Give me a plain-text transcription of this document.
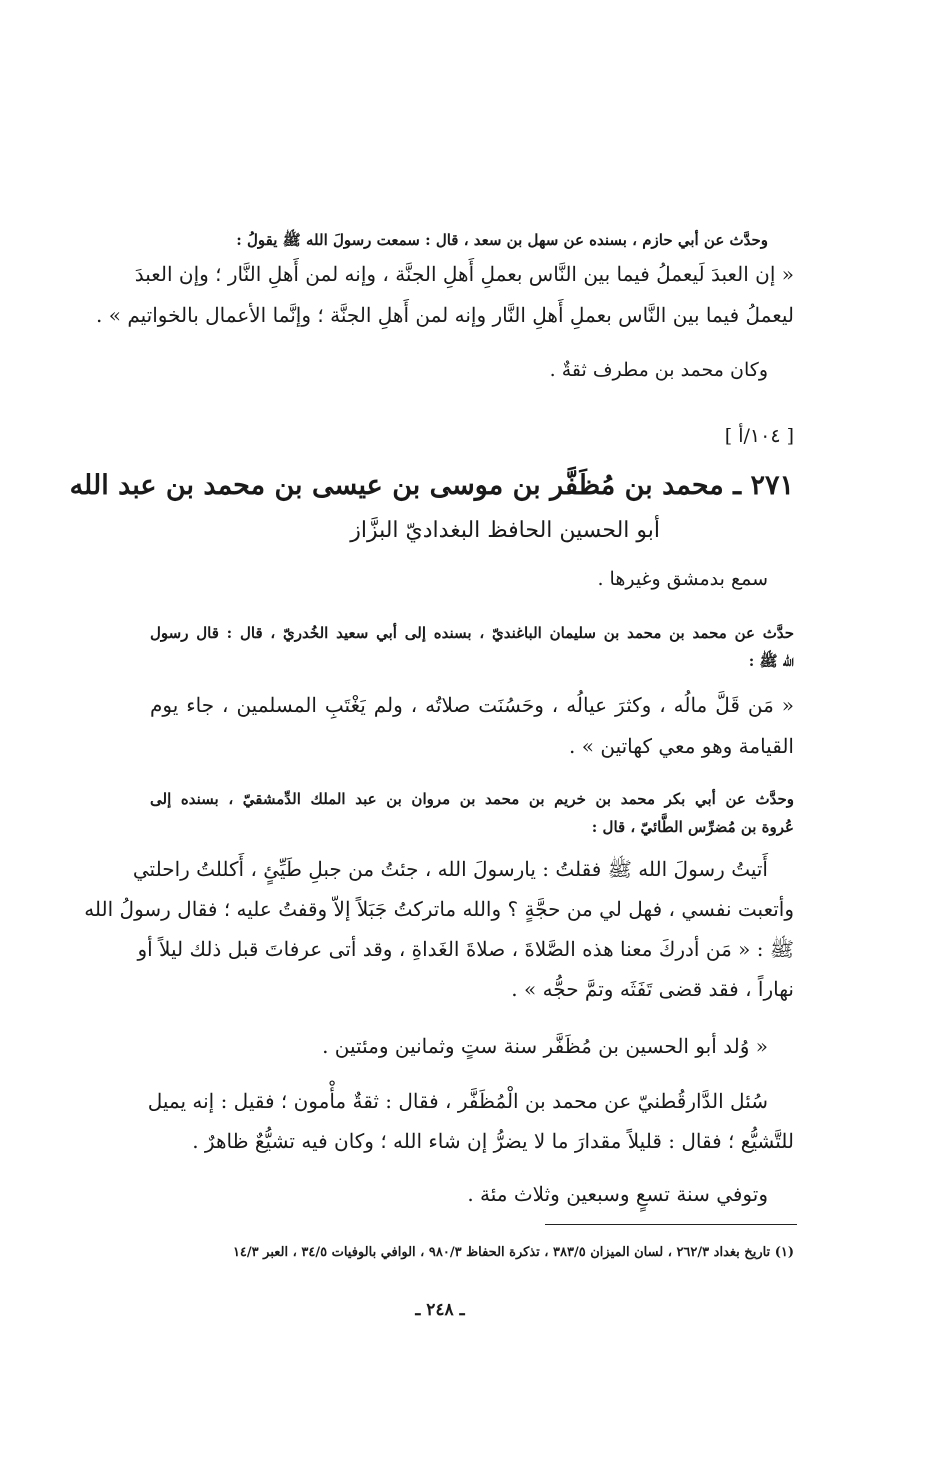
وحدَّث عن أبي حازم ، بسنده عن سهل بن سعد ، قال : سمعت رسولَ الله ﷺ يقولُ :
« إن العبدَ لَيعملُ فيما بين النَّاس بعملِ أَهلِ الجنَّة ، وإنه لمن أَهلِ النَّار ؛ وإن العبدَ
ليعملُ فيما بين النَّاس بعملِ أَهلِ النَّار وإنه لمن أَهلِ الجنَّة ؛ وإنَّما الأعمال بالخواتيم » .
وكان محمد بن مطرف ثقةٌ .
[ ١٠٤/أ ]
٢٧١ ـ محمد بن مُظَفَّر بن موسى بن عيسى بن محمد بن عبد الله
أبو الحسين الحافظ البغداديّ البزَّاز
سمع بدمشق وغيرها .
حدَّث عن محمد بن محمد بن سليمان الباغنديّ ، بسنده إلى أبي سعيد الخُدريّ ، قال : قال رسول
الله ﷺ :
« مَن قَلَّ مالُه ، وكثرَ عيالُه ، وحَسُنَت صلاتُه ، ولم يَغْتَبِ المسلمين ، جاء يوم
القيامة وهو معي كهاتين » .
وحدَّث عن أبي بكر محمد بن خريم بن محمد بن مروان بن عبد الملك الدِّمشقيّ ، بسنده إلى
عُروة بن مُضرِّس الطَّائيّ ، قال :
أَتيتُ رسولَ الله ﷺ فقلتُ : يارسولَ الله ، جئتُ من جبلِ طَيِّئٍ ، أَكللتُ راحلتي
وأتعبت نفسي ، فهل لي من حجَّةٍ ؟ والله ماتركتُ جَبَلاً إلاّ وقفتُ عليه ؛ فقال رسولُ الله
ﷺ : « مَن أدركَ معنا هذه الصَّلاةَ ، صلاةَ الغَداةِ ، وقد أتى عرفاتَ قبل ذلك ليلاً أو
نهاراً ، فقد قضى تَفَثَه وتمَّ حجُّه » .
« وُلد أبو الحسين بن مُظَفَّر سنة ستٍ وثمانين ومئتين .
سُئل الدَّارقُطنيّ عن محمد بن الْمُظَفَّر ، فقال : ثقةٌ مأْمون ؛ فقيل : إنه يميل
للتَّشيُّع ؛ فقال : قليلاً مقدارَ ما لا يضرُّ إن شاء الله ؛ وكان فيه تشيُّعٌ ظاهرٌ .
وتوفي سنة تسعٍ وسبعين وثلاث مئة .
(١) تاريخ بغداد ٢٦٢/٣ ، لسان الميزان ٣٨٣/٥ ، تذكرة الحفاظ ٩٨٠/٣ ، الوافي بالوفيات ٣٤/٥ ، العبر ١٤/٣
ـ ٢٤٨ ـ
